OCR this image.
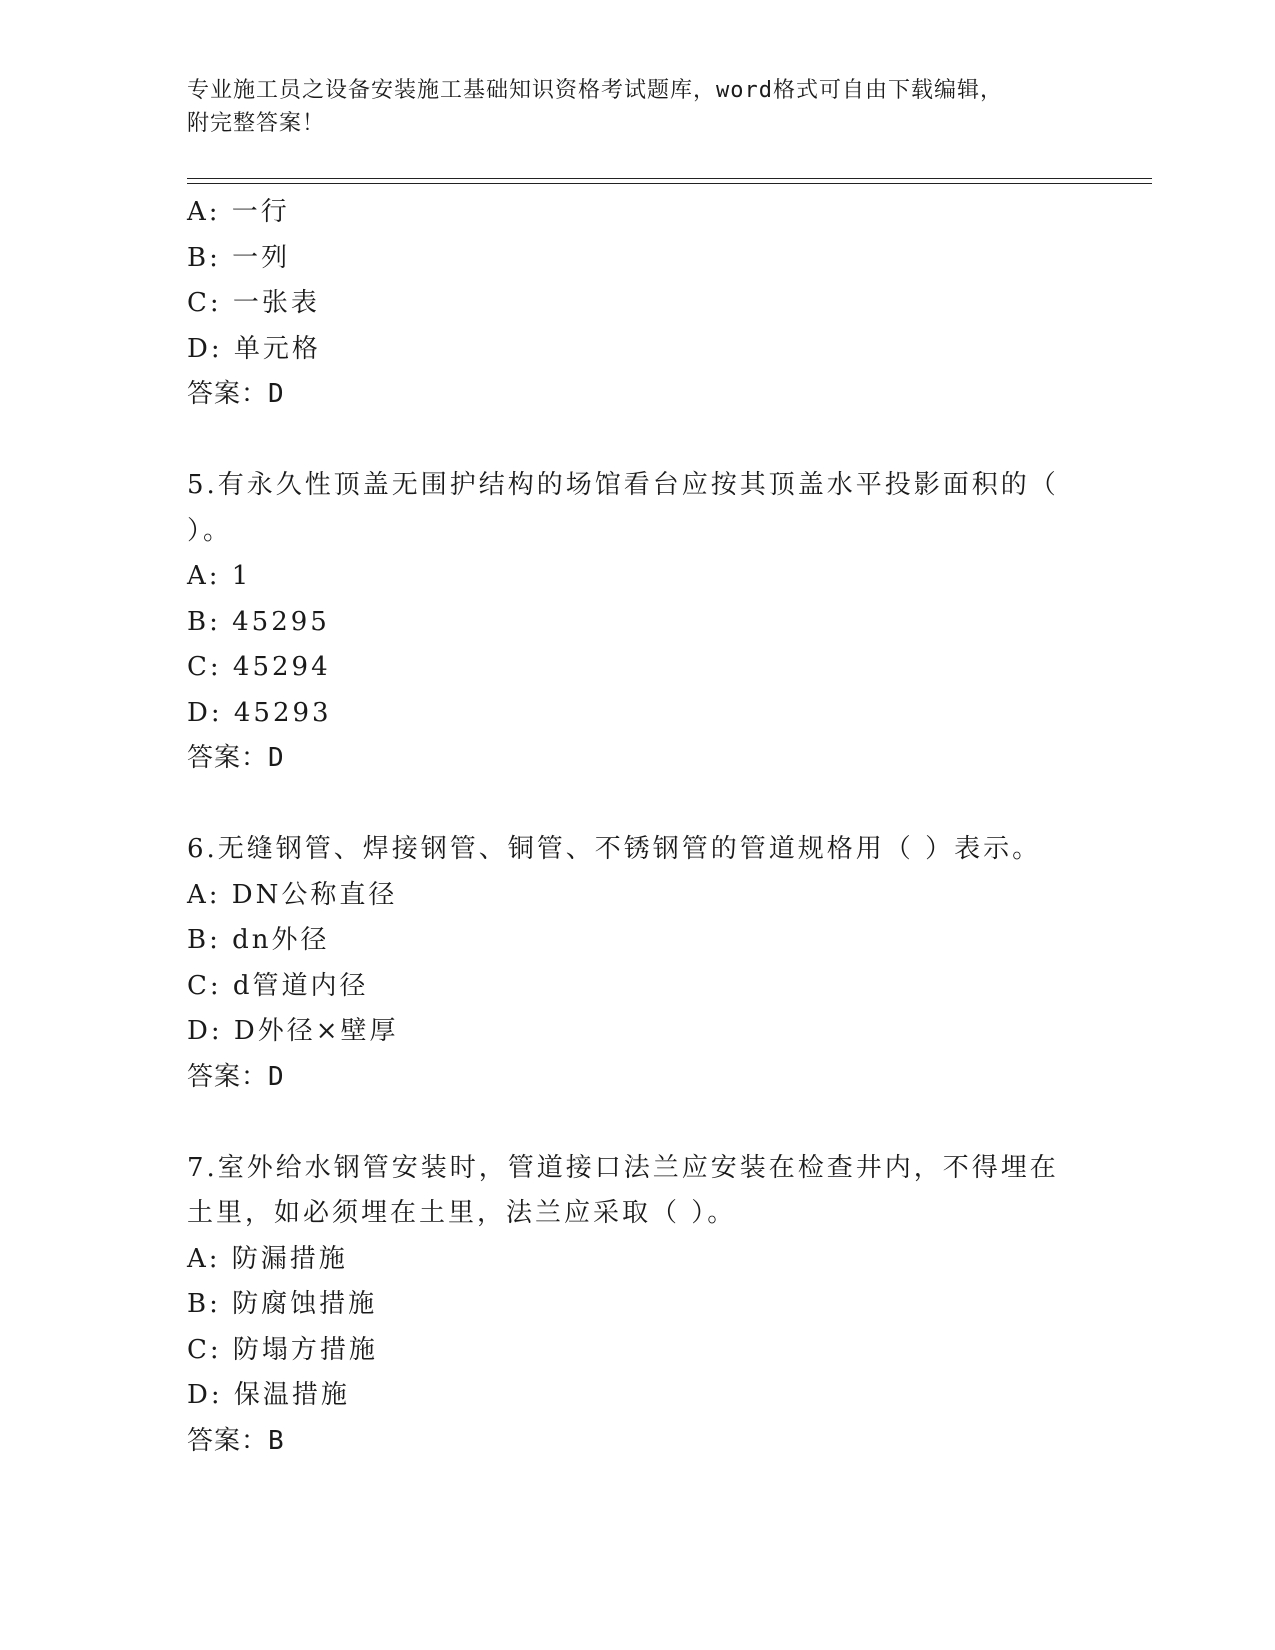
专业施工员之设备安装施工基础知识资格考试题库，word格式可自由下载编辑，
附完整答案！
A: 一行
B: 一列
C: 一张表
D: 单元格
答案：D
5.有永久性顶盖无围护结构的场馆看台应按其顶盖水平投影面积的（
）。
A: 1
B: 45295
C: 45294
D: 45293
答案：D
6.无缝钢管、焊接钢管、铜管、不锈钢管的管道规格用（ ）表示。
A: DN公称直径
B: dn外径
C: d管道内径
D: D外径×壁厚
答案：D
7.室外给水钢管安装时，管道接口法兰应安装在检查井内，不得埋在
土里，如必须埋在土里，法兰应采取（ ）。
A: 防漏措施
B: 防腐蚀措施
C: 防塌方措施
D: 保温措施
答案：B
